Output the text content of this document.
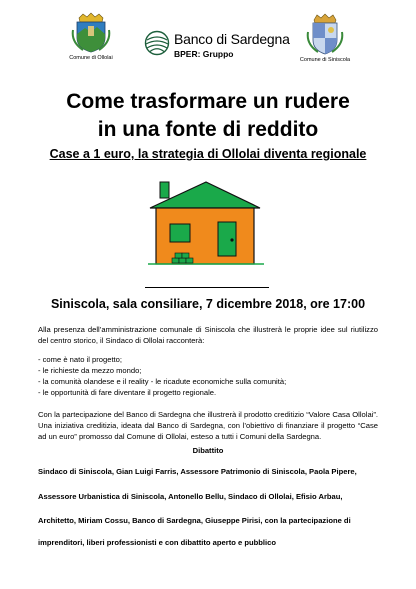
Comune di Ollolai
Banco di Sardegna
BPER: Gruppo
Comune di Siniscola
Come trasformare un rudere
in una fonte di reddito
Case a 1 euro, la strategia di Ollolai diventa regionale
Siniscola, sala consiliare, 7 dicembre 2018, ore 17:00
Alla presenza dell’amministrazione comunale di Siniscola che illustrerà le proprie idee sul riutilizzo del centro storico, il Sindaco di Ollolai racconterà:
- come è nato il progetto;
- le richieste da mezzo mondo;
- la comunità olandese e il reality - le ricadute economiche sulla comunità;
- le opportunità di fare diventare il progetto regionale.
Con la partecipazione del Banco di Sardegna che illustrerà il prodotto creditizio “Valore Casa Ollolai”. Una iniziativa creditizia, ideata dal Banco di Sardegna, con l’obiettivo di finanziare il progetto “Case ad un euro” promosso dal Comune di Ollolai, esteso a tutti i Comuni della Sardegna.
Dibattito
Sindaco di Siniscola, Gian Luigi Farris, Assessore Patrimonio di Siniscola, Paola Pipere,
Assessore Urbanistica di Siniscola, Antonello Bellu, Sindaco di Ollolai, Efisio Arbau,
Architetto, Miriam Cossu, Banco di Sardegna, Giuseppe Pirisi, con la partecipazione di
imprenditori, liberi professionisti e con dibattito aperto e pubblico
